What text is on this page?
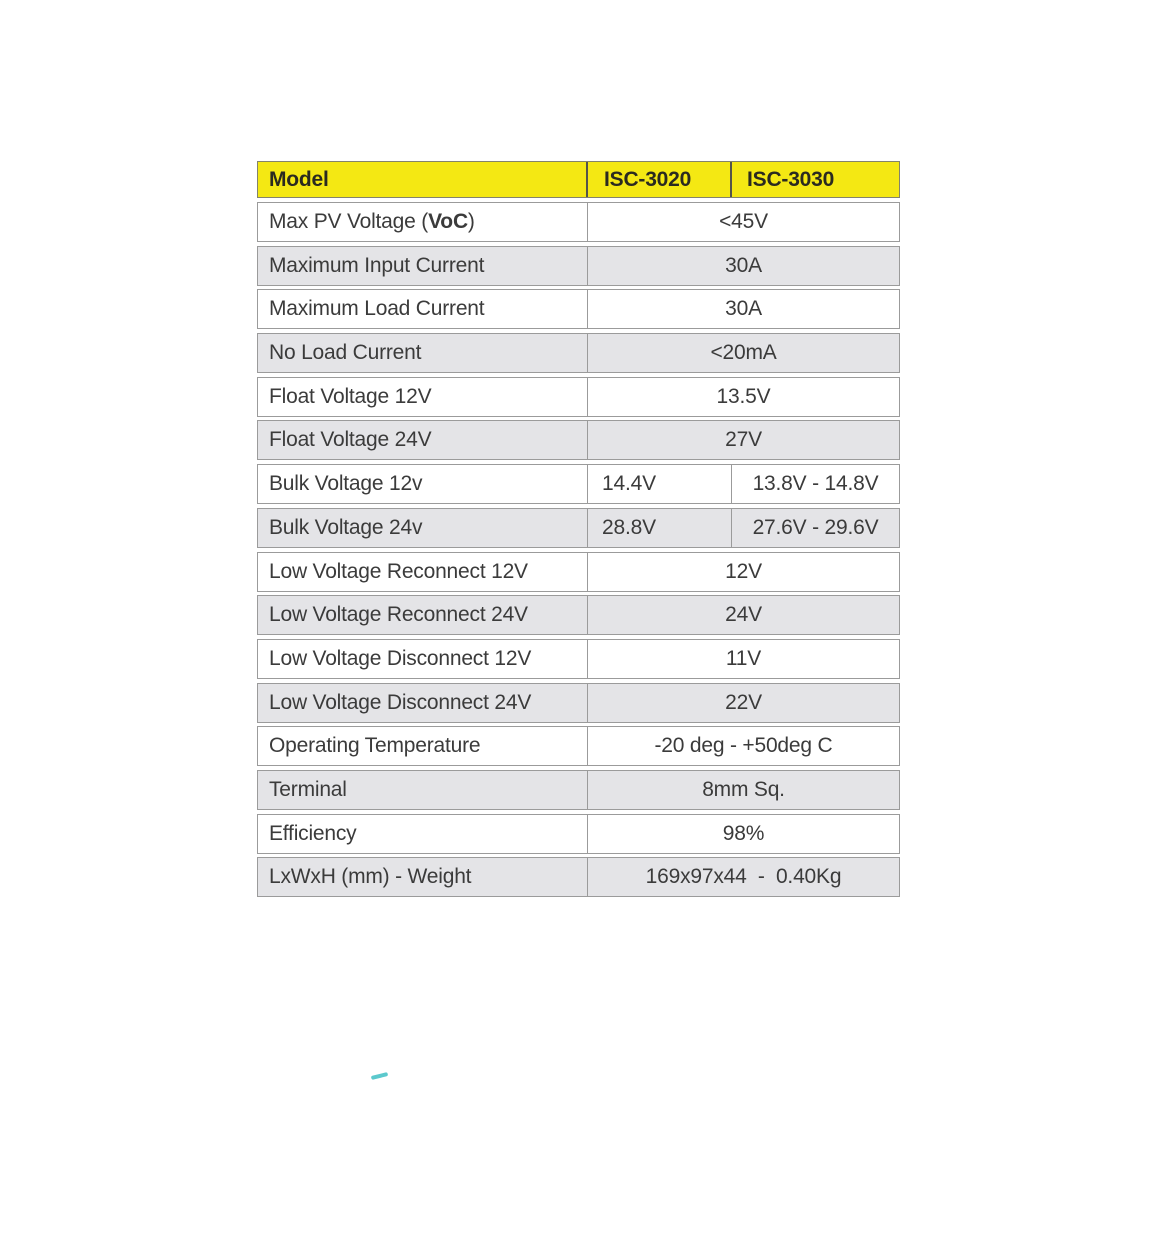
Model	ISC-3020	ISC-3030
Max PV Voltage ( VoC )	<45V
Maximum Input Current	30A
Maximum Load Current	30A
No Load Current	<20mA
Float Voltage 12V	13.5V
Float Voltage 24V	27V
Bulk Voltage 12v	14.4V	13.8V - 14.8V
Bulk Voltage 24v	28.8V	27.6V - 29.6V
Low Voltage Reconnect 12V	12V
Low Voltage Reconnect 24V	24V
Low Voltage Disconnect 12V	11V
Low Voltage Disconnect 24V	22V
Operating Temperature	-20 deg - +50deg C
Terminal	8mm Sq.
Efficiency	98%
LxWxH (mm) - Weight	169x97x44  -  0.40Kg
